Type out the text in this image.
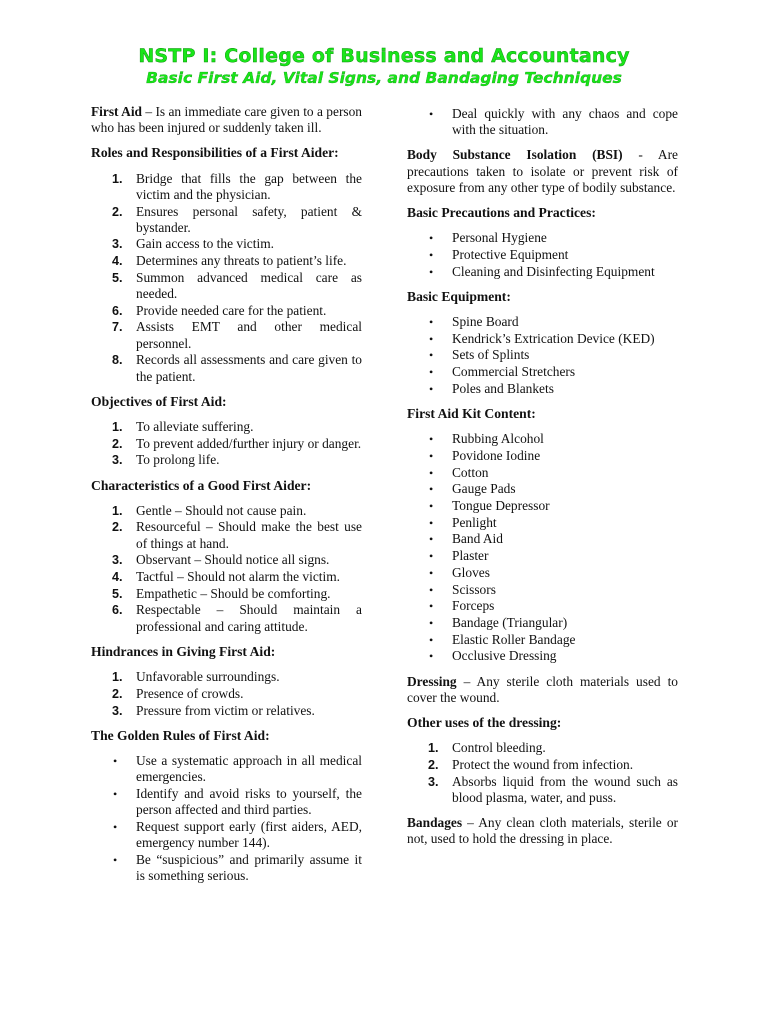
NSTP I: College of Business and Accountancy
Basic First Aid, Vital Signs, and Bandaging Techniques

First Aid – Is an immediate care given to a person who has been injured or suddenly taken ill.

Roles and Responsibilities of a First Aider:
1. Bridge that fills the gap between the victim and the physician.
2. Ensures personal safety, patient & bystander.
3. Gain access to the victim.
4. Determines any threats to patient’s life.
5. Summon advanced medical care as needed.
6. Provide needed care for the patient.
7. Assists EMT and other medical personnel.
8. Records all assessments and care given to the patient.
Objectives of First Aid:
1. To alleviate suffering.
2. To prevent added/further injury or danger.
3. To prolong life.
Characteristics of a Good First Aider:
1. Gentle – Should not cause pain.
2. Resourceful – Should make the best use of things at hand.
3. Observant – Should notice all signs.
4. Tactful – Should not alarm the victim.
5. Empathetic – Should be comforting.
6. Respectable – Should maintain a professional and caring attitude.
Hindrances in Giving First Aid:
1. Unfavorable surroundings.
2. Presence of crowds.
3. Pressure from victim or relatives.
The Golden Rules of First Aid:
• Use a systematic approach in all medical emergencies.
• Identify and avoid risks to yourself, the person affected and third parties.
• Request support early (first aiders, AED, emergency number 144).
• Be “suspicious” and primarily assume it is something serious.
• Deal quickly with any chaos and cope with the situation.

Body Substance Isolation (BSI) - Are precautions taken to isolate or prevent risk of exposure from any other type of bodily substance.

Basic Precautions and Practices:
• Personal Hygiene
• Protective Equipment
• Cleaning and Disinfecting Equipment
Basic Equipment:
• Spine Board
• Kendrick’s Extrication Device (KED)
• Sets of Splints
• Commercial Stretchers
• Poles and Blankets
First Aid Kit Content:
• Rubbing Alcohol
• Povidone Iodine
• Cotton
• Gauge Pads
• Tongue Depressor
• Penlight
• Band Aid
• Plaster
• Gloves
• Scissors
• Forceps
• Bandage (Triangular)
• Elastic Roller Bandage
• Occlusive Dressing

Dressing – Any sterile cloth materials used to cover the wound.

Other uses of the dressing:
1. Control bleeding.
2. Protect the wound from infection.
3. Absorbs liquid from the wound such as blood plasma, water, and puss.

Bandages – Any clean cloth materials, sterile or not, used to hold the dressing in place.
